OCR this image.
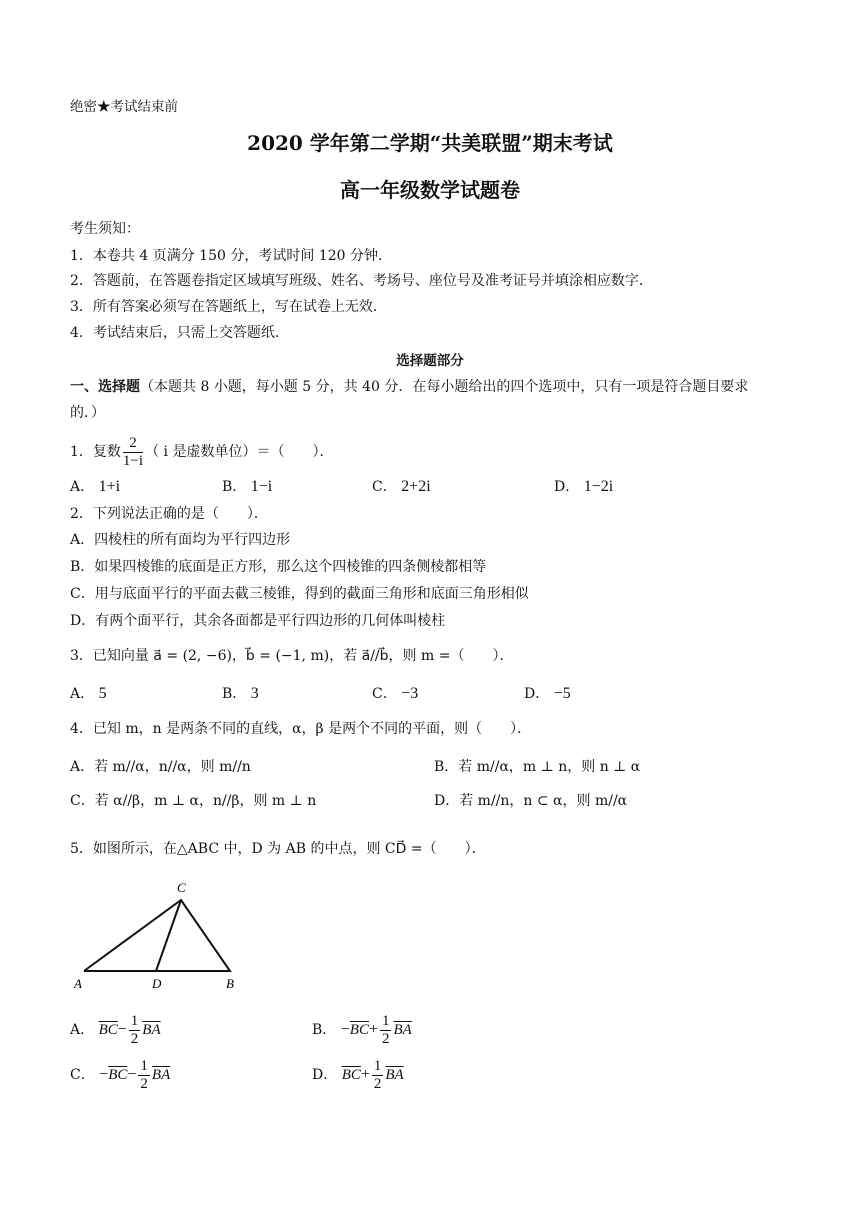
绝密★考试结束前
2020 学年第二学期“共美联盟”期末考试
高一年级数学试题卷
考生须知：
1．本卷共 4 页满分 150 分，考试时间 120 分钟．
2．答题前，在答题卷指定区域填写班级、姓名、考场号、座位号及准考证号并填涂相应数字．
3．所有答案必须写在答题纸上，写在试卷上无效．
4．考试结束后，只需上交答题纸．
选择题部分
一、选择题（本题共 8 小题，每小题 5 分，共 40 分．在每小题给出的四个选项中，只有一项是符合题目要求
的．）
1．复数 $\frac{2}{1-i}$ （ i 是虚数单位）＝（　　）．
A． 1+i	B． 1−i	C． 2+2i	D． 1−2i
2．下列说法正确的是（　　）．
A．四棱柱的所有面均为平行四边形
B．如果四棱锥的底面是正方形，那么这个四棱锥的四条侧棱都相等
C．用与底面平行的平面去截三棱锥，得到的截面三角形和底面三角形相似
D．有两个面平行，其余各面都是平行四边形的几何体叫棱柱
3．已知向量 a⃗ = (2, −6)，b⃗ = (−1, m)，若 a⃗//b⃗，则 m =（　　）．
A． 5	B． 3	C． −3	D． −5
4．已知 m，n 是两条不同的直线，α，β 是两个不同的平面，则（　　）．
A．若 m//α，n//α，则 m//n	B．若 m//α，m ⊥ n，则 n ⊥ α
C．若 α//β，m ⊥ α，n//β，则 m ⊥ n	D．若 m//n，n ⊂ α，则 m//α
5．如图所示，在△ABC 中，D 为 AB 的中点，则 CD⃗ =（　　）．
C
A	D	B
A．
$\overline{BC} - \frac{1}{2} \overline{BA}$	B．
− $\overline{BC} + \frac{1}{2} \overline{BA}$
C．
− $\overline{BC} - \frac{1}{2} \overline{BA}$	D．
$\overline{BC} + \frac{1}{2} \overline{BA}$
